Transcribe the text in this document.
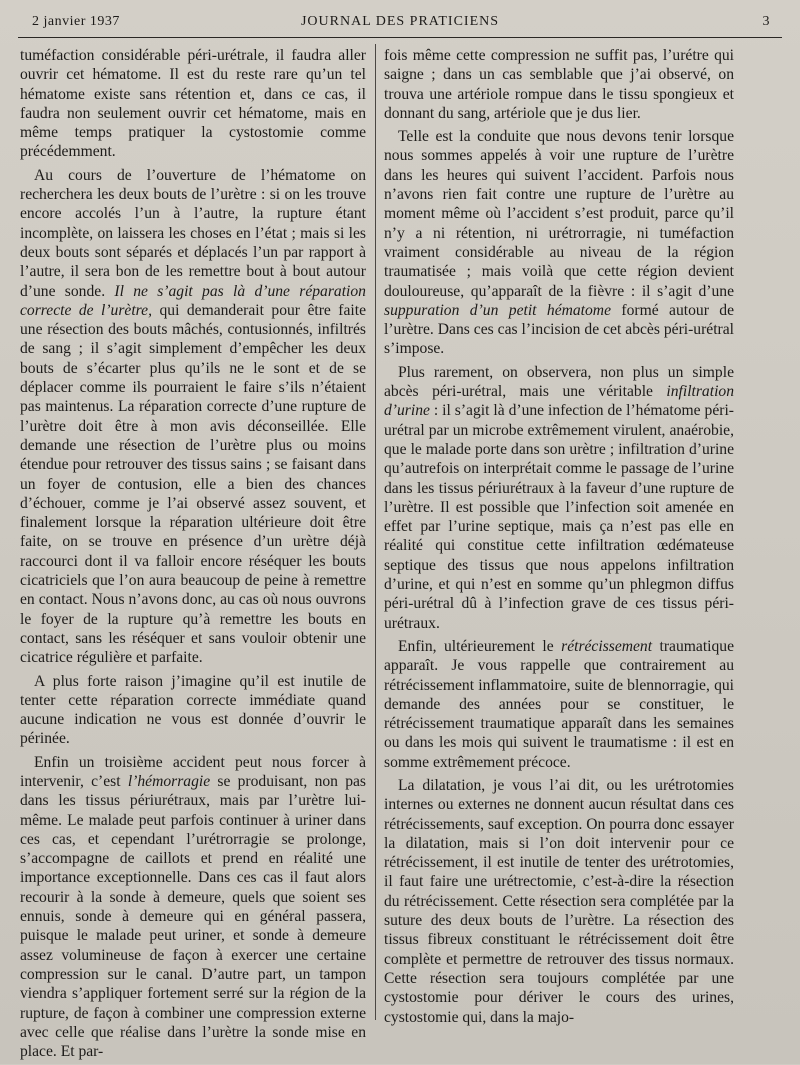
2 janvier 1937	JOURNAL DES PRATICIENS	3

tuméfaction considérable péri-urétrale, il faudra aller ouvrir cet hématome. Il est du reste rare qu’un tel hématome existe sans rétention et, dans ce cas, il faudra non seulement ouvrir cet hématome, mais en même temps pratiquer la cystostomie comme précédemment.

Au cours de l’ouverture de l’hématome on recherchera les deux bouts de l’urètre : si on les trouve encore accolés l’un à l’autre, la rupture étant incomplète, on laissera les choses en l’état ; mais si les deux bouts sont séparés et déplacés l’un par rapport à l’autre, il sera bon de les remettre bout à bout autour d’une sonde. Il ne s’agit pas là d’une réparation correcte de l’urètre, qui demanderait pour être faite une résection des bouts mâchés, contusionnés, infiltrés de sang ; il s’agit simplement d’empêcher les deux bouts de s’écarter plus qu’ils ne le sont et de se déplacer comme ils pourraient le faire s’ils n’étaient pas maintenus. La réparation correcte d’une rupture de l’urètre doit être à mon avis déconseillée. Elle demande une résection de l’urètre plus ou moins étendue pour retrouver des tissus sains ; se faisant dans un foyer de contusion, elle a bien des chances d’échouer, comme je l’ai observé assez souvent, et finalement lorsque la réparation ultérieure doit être faite, on se trouve en présence d’un urètre déjà raccourci dont il va falloir encore réséquer les bouts cicatriciels que l’on aura beaucoup de peine à remettre en contact. Nous n’avons donc, au cas où nous ouvrons le foyer de la rupture qu’à remettre les bouts en contact, sans les réséquer et sans vouloir obtenir une cicatrice régulière et parfaite.

A plus forte raison j’imagine qu’il est inutile de tenter cette réparation correcte immédiate quand aucune indication ne vous est donnée d’ouvrir le périnée.

Enfin un troisième accident peut nous forcer à intervenir, c’est l’hémorragie se produisant, non pas dans les tissus périurétraux, mais par l’urètre lui-même. Le malade peut parfois continuer à uriner dans ces cas, et cependant l’urétrorragie se prolonge, s’accompagne de caillots et prend en réalité une importance exceptionnelle. Dans ces cas il faut alors recourir à la sonde à demeure, quels que soient ses ennuis, sonde à demeure qui en général passera, puisque le malade peut uriner, et sonde à demeure assez volumineuse de façon à exercer une certaine compression sur le canal. D’autre part, un tampon viendra s’appliquer fortement serré sur la région de la rupture, de façon à combiner une compression externe avec celle que réalise dans l’urètre la sonde mise en place. Et par-

fois même cette compression ne suffit pas, l’urétre qui saigne ; dans un cas semblable que j’ai observé, on trouva une artériole rompue dans le tissu spongieux et donnant du sang, artériole que je dus lier.

Telle est la conduite que nous devons tenir lorsque nous sommes appelés à voir une rupture de l’urètre dans les heures qui suivent l’accident. Parfois nous n’avons rien fait contre une rupture de l’urètre au moment même où l’accident s’est produit, parce qu’il n’y a ni rétention, ni urétrorragie, ni tuméfaction vraiment considérable au niveau de la région traumatisée ; mais voilà que cette région devient douloureuse, qu’apparaît de la fièvre : il s’agit d’une suppuration d’un petit hématome formé autour de l’urètre. Dans ces cas l’incision de cet abcès péri-urétral s’impose.

Plus rarement, on observera, non plus un simple abcès péri-urétral, mais une véritable infiltration d’urine : il s’agit là d’une infection de l’hématome péri-urétral par un microbe extrêmement virulent, anaérobie, que le malade porte dans son urètre ; infiltration d’urine qu’autrefois on interprétait comme le passage de l’urine dans les tissus périurétraux à la faveur d’une rupture de l’urètre. Il est possible que l’infection soit amenée en effet par l’urine septique, mais ça n’est pas elle en réalité qui constitue cette infiltration œdémateuse septique des tissus que nous appelons infiltration d’urine, et qui n’est en somme qu’un phlegmon diffus péri-urétral dû à l’infection grave de ces tissus péri-urétraux.

Enfin, ultérieurement le rétrécissement traumatique apparaît. Je vous rappelle que contrairement au rétrécissement inflammatoire, suite de blennorragie, qui demande des années pour se constituer, le rétrécissement traumatique apparaît dans les semaines ou dans les mois qui suivent le traumatisme : il est en somme extrêmement précoce.

La dilatation, je vous l’ai dit, ou les urétrotomies internes ou externes ne donnent aucun résultat dans ces rétrécissements, sauf exception. On pourra donc essayer la dilatation, mais si l’on doit intervenir pour ce rétrécissement, il est inutile de tenter des urétrotomies, il faut faire une urétrectomie, c’est-à-dire la résection du rétrécissement. Cette résection sera complétée par la suture des deux bouts de l’urètre. La résection des tissus fibreux constituant le rétrécissement doit être complète et permettre de retrouver des tissus normaux. Cette résection sera toujours complétée par une cystostomie pour dériver le cours des urines, cystostomie qui, dans la majo-
